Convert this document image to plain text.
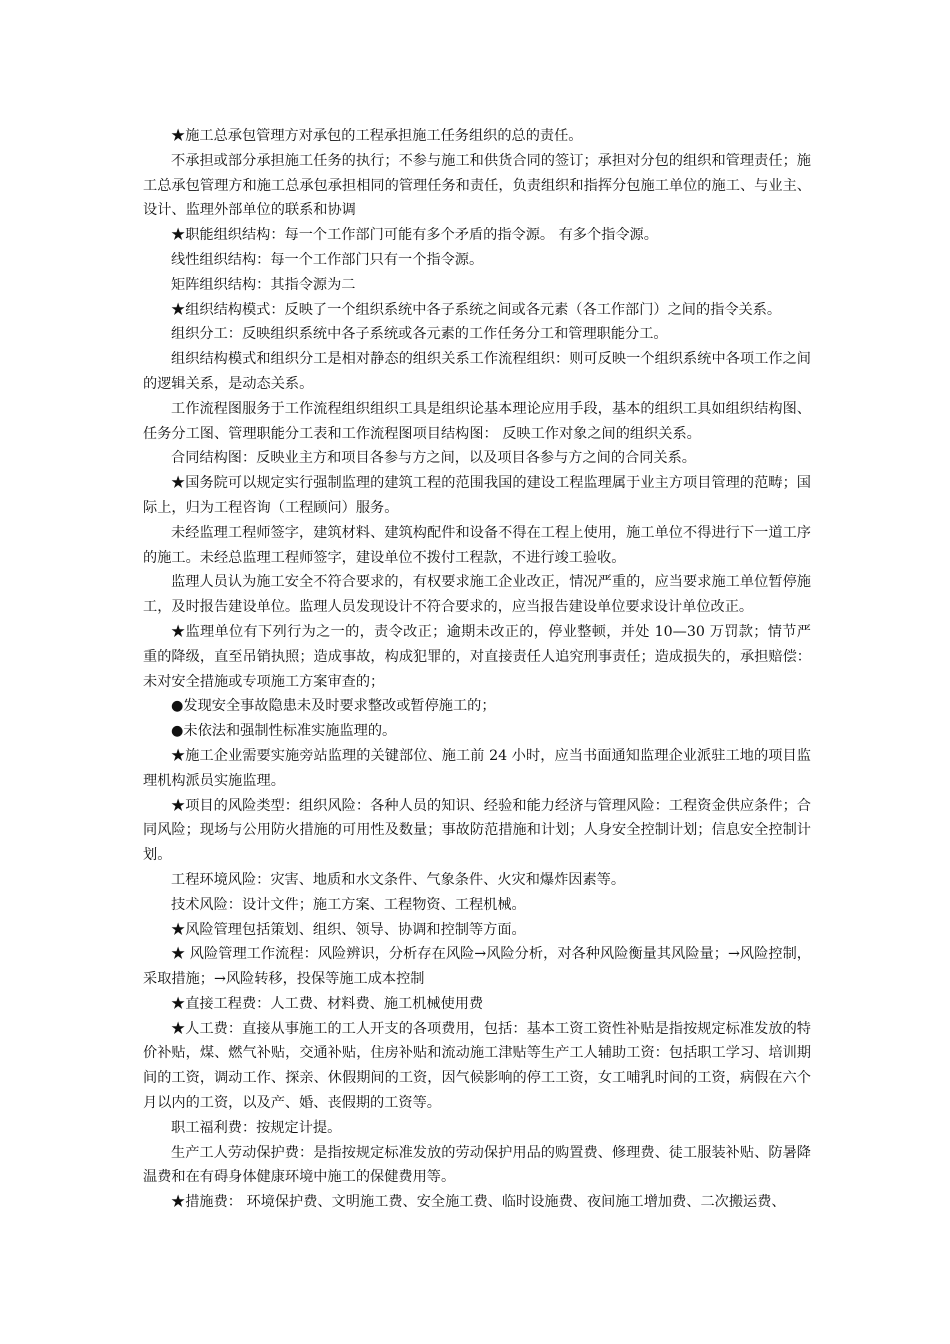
★施工总承包管理方对承包的工程承担施工任务组织的总的责任。

不承担或部分承担施工任务的执行；不参与施工和供货合同的签订；承担对分包的组织和管理责任；施工总承包管理方和施工总承包承担相同的管理任务和责任，负责组织和指挥分包施工单位的施工、与业主、设计、监理外部单位的联系和协调

★职能组织结构：每一个工作部门可能有多个矛盾的指令源。 有多个指令源。

线性组织结构：每一个工作部门只有一个指令源。

矩阵组织结构：其指令源为二

★组织结构模式：反映了一个组织系统中各子系统之间或各元素（各工作部门）之间的指令关系。

组织分工：反映组织系统中各子系统或各元素的工作任务分工和管理职能分工。

组织结构模式和组织分工是相对静态的组织关系工作流程组织：则可反映一个组织系统中各项工作之间的逻辑关系，是动态关系。

工作流程图服务于工作流程组织组织工具是组织论基本理论应用手段，基本的组织工具如组织结构图、任务分工图、管理职能分工表和工作流程图项目结构图： 反映工作对象之间的组织关系。

合同结构图：反映业主方和项目各参与方之间，以及项目各参与方之间的合同关系。

★国务院可以规定实行强制监理的建筑工程的范围我国的建设工程监理属于业主方项目管理的范畴；国际上，归为工程咨询（工程顾问）服务。

未经监理工程师签字，建筑材料、建筑构配件和设备不得在工程上使用，施工单位不得进行下一道工序的施工。未经总监理工程师签字，建设单位不拨付工程款，不进行竣工验收。

监理人员认为施工安全不符合要求的，有权要求施工企业改正，情况严重的，应当要求施工单位暂停施工，及时报告建设单位。监理人员发现设计不符合要求的，应当报告建设单位要求设计单位改正。

★监理单位有下列行为之一的，责令改正；逾期未改正的，停业整顿，并处 10—30 万罚款；情节严重的降级，直至吊销执照；造成事故，构成犯罪的，对直接责任人追究刑事责任；造成损失的，承担赔偿：未对安全措施或专项施工方案审查的；

●发现安全事故隐患未及时要求整改或暂停施工的；

●未依法和强制性标准实施监理的。

★施工企业需要实施旁站监理的关键部位、施工前 24 小时，应当书面通知监理企业派驻工地的项目监理机构派员实施监理。

★项目的风险类型：组织风险：各种人员的知识、经验和能力经济与管理风险：工程资金供应条件；合同风险；现场与公用防火措施的可用性及数量；事故防范措施和计划；人身安全控制计划；信息安全控制计划。

工程环境风险：灾害、地质和水文条件、气象条件、火灾和爆炸因素等。

技术风险：设计文件；施工方案、工程物资、工程机械。

★风险管理包括策划、组织、领导、协调和控制等方面。

★ 风险管理工作流程：风险辨识，分析存在风险→风险分析，对各种风险衡量其风险量；→风险控制，采取措施；→风险转移，投保等施工成本控制

★直接工程费：人工费、材料费、施工机械使用费

★人工费：直接从事施工的工人开支的各项费用，包括：基本工资工资性补贴是指按规定标准发放的特价补贴，煤、燃气补贴，交通补贴，住房补贴和流动施工津贴等生产工人辅助工资：包括职工学习、培训期间的工资，调动工作、探亲、休假期间的工资，因气候影响的停工工资，女工哺乳时间的工资，病假在六个月以内的工资，以及产、婚、丧假期的工资等。

职工福利费：按规定计提。

生产工人劳动保护费：是指按规定标准发放的劳动保护用品的购置费、修理费、徒工服装补贴、防暑降温费和在有碍身体健康环境中施工的保健费用等。

★措施费： 环境保护费、文明施工费、安全施工费、临时设施费、夜间施工增加费、二次搬运费、
